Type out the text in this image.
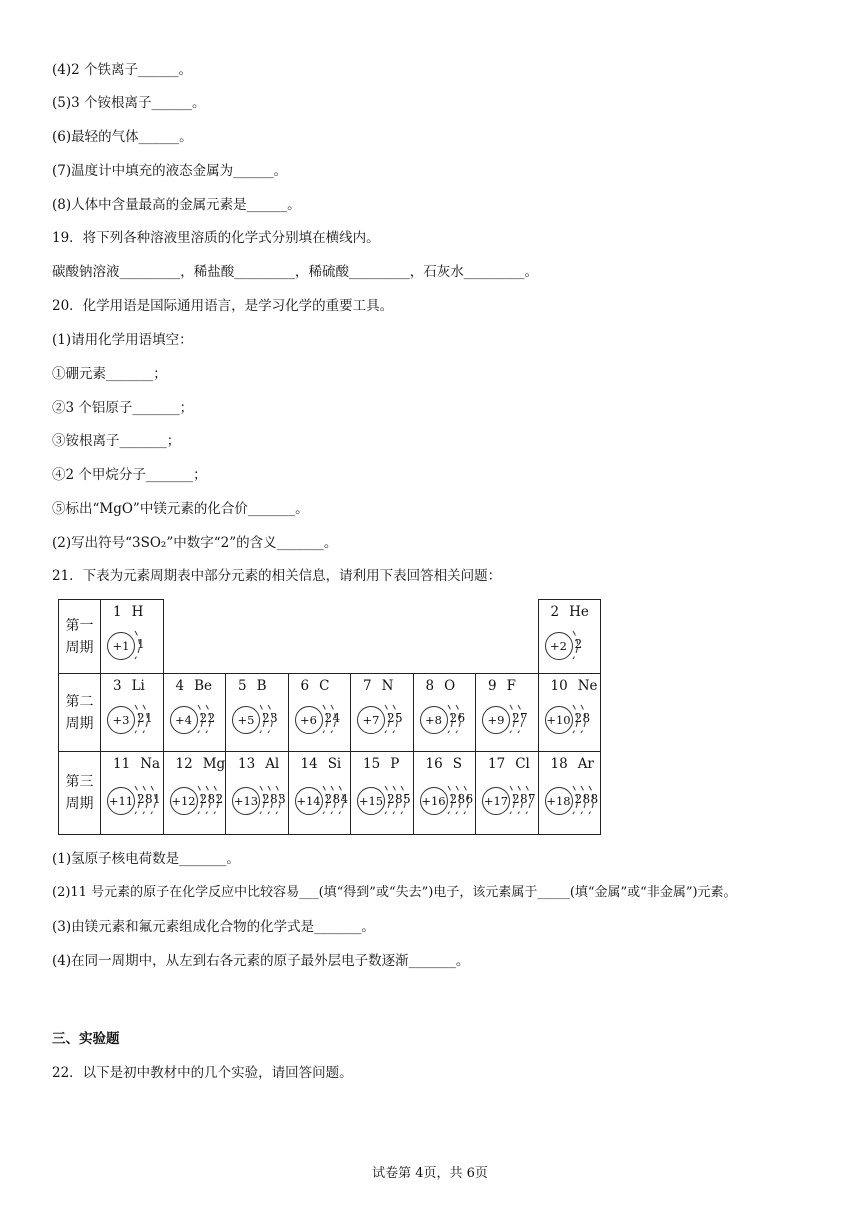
(4)2 个铁离子______。
(5)3 个铵根离子______。
(6)最轻的气体______。
(7)温度计中填充的液态金属为______。
(8)人体中含量最高的金属元素是______。
19．将下列各种溶液里溶质的化学式分别填在横线内。
碳酸钠溶液_________，稀盐酸_________，稀硫酸_________，石灰水_________。
20．化学用语是国际通用语言，是学习化学的重要工具。
(1)请用化学用语填空：
①硼元素_______；
②3 个铝原子_______；
③铵根离子_______；
④2 个甲烷分子_______；
⑤标出“MgO”中镁元素的化合价_______。
(2)写出符号“3SO₂”中数字“2”的含义_______。
21．下表为元素周期表中部分元素的相关信息，请利用下表回答相关问题：
第一
周期
第二
周期
第三
周期
1 H
+1 1
2 He
+2 2
3 Li
+3 2 1
4 Be
+4 2 2
5 B
+5 2 3
6 C
+6 2 4
7 N
+7 2 5
8 O
+8 2 6
9 F
+9 2 7
10 Ne
+10 2 8
11 Na
+11 2 8 1
12 Mg
+12 2 8 2
13 Al
+13 2 8 3
14 Si
+14 2 8 4
15 P
+15 2 8 5
16 S
+16 2 8 6
17 Cl
+17 2 8 7
18 Ar
+18 2 8 8
(1)氢原子核电荷数是_______。
(2)11 号元素的原子在化学反应中比较容易___(填“得到”或“失去”)电子，该元素属于_____(填“金属”或“非金属”)元素。
(3)由镁元素和氟元素组成化合物的化学式是_______。
(4)在同一周期中，从左到右各元素的原子最外层电子数逐渐_______。
三、实验题
22．以下是初中教材中的几个实验，请回答问题。
试卷第 4页，共 6页
